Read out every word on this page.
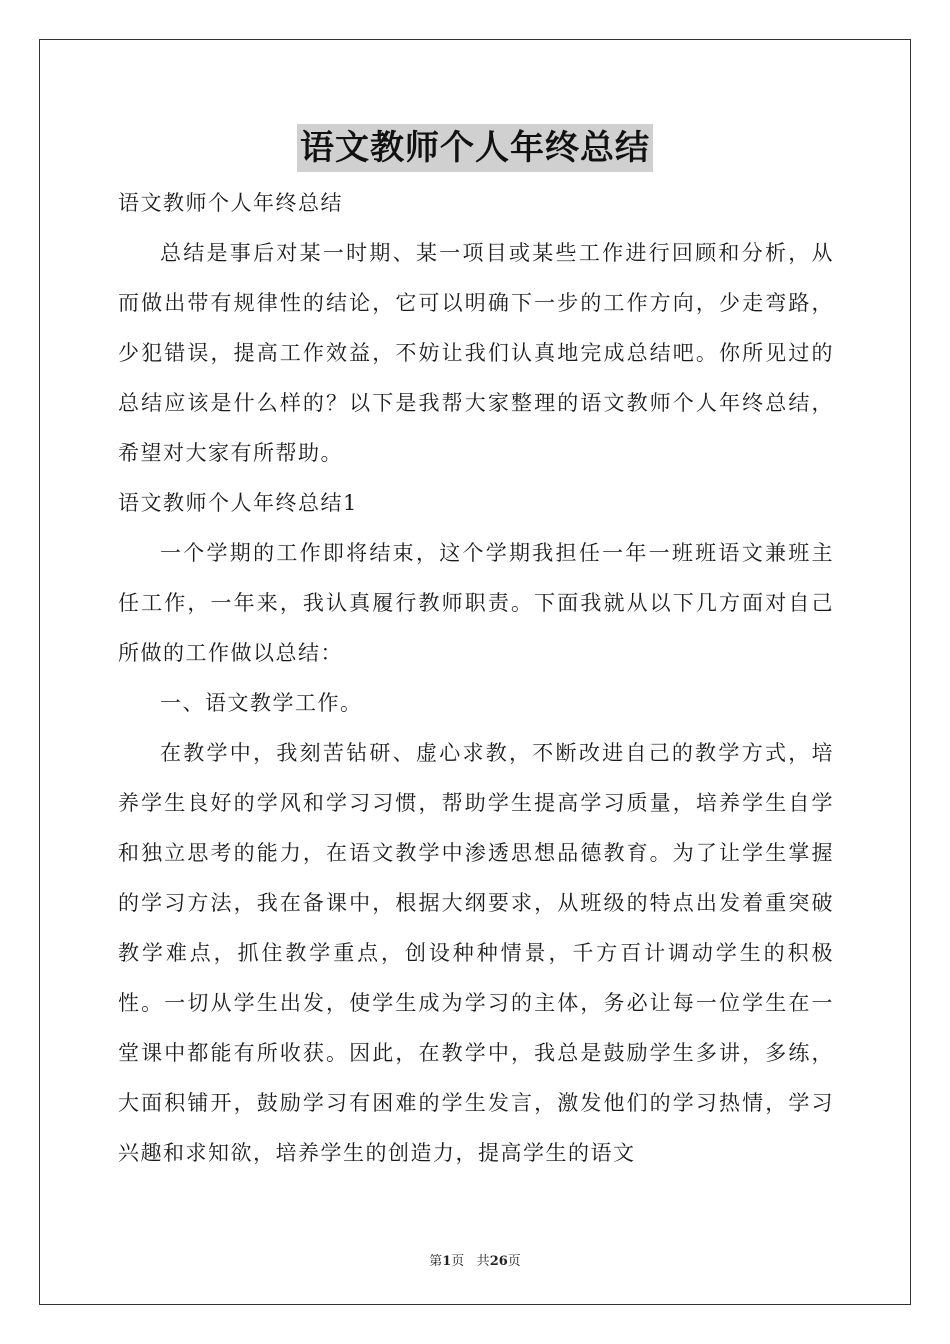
语文教师个人年终总结

语文教师个人年终总结

总结是事后对某一时期、某一项目或某些工作进行回顾和分析，从而做出带有规律性的结论，它可以明确下一步的工作方向，少走弯路，少犯错误，提高工作效益，不妨让我们认真地完成总结吧。你所见过的总结应该是什么样的？以下是我帮大家整理的语文教师个人年终总结，希望对大家有所帮助。

语文教师个人年终总结1

一个学期的工作即将结束，这个学期我担任一年一班班语文兼班主任工作，一年来，我认真履行教师职责。下面我就从以下几方面对自己所做的工作做以总结：

一、语文教学工作。

在教学中，我刻苦钻研、虚心求教，不断改进自己的教学方式，培养学生良好的学风和学习习惯，帮助学生提高学习质量，培养学生自学和独立思考的能力，在语文教学中渗透思想品德教育。为了让学生掌握的学习方法，我在备课中，根据大纲要求，从班级的特点出发着重突破教学难点，抓住教学重点，创设种种情景，千方百计调动学生的积极性。一切从学生出发，使学生成为学习的主体，务必让每一位学生在一堂课中都能有所收获。因此，在教学中，我总是鼓励学生多讲，多练，大面积铺开，鼓励学习有困难的学生发言，激发他们的学习热情，学习兴趣和求知欲，培养学生的创造力，提高学生的语文

第1页 共26页
